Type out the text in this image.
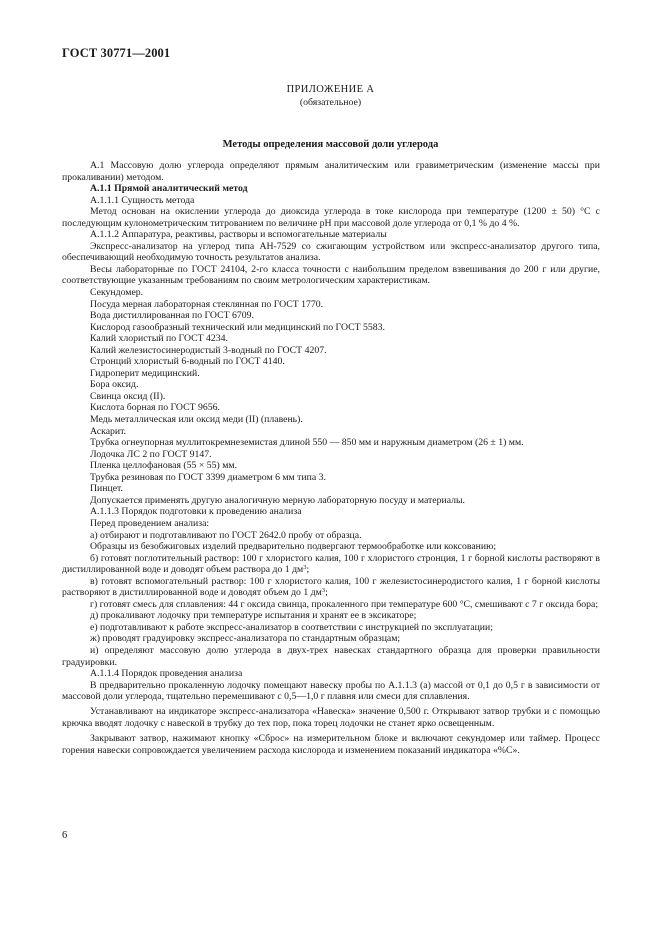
ГОСТ 30771—2001
ПРИЛОЖЕНИЕ А
(обязательное)
Методы определения массовой доли углерода

А.1 Массовую долю углерода определяют прямым аналитическим или гравиметрическим (изменение массы при прокаливании) методом.

А.1.1 Прямой аналитический метод

А.1.1.1 Сущность метода

Метод основан на окислении углерода до диоксида углерода в токе кислорода при температуре (1200 ± 50) °С с последующим кулонометрическим титрованием по величине pH при массовой доле углерода от 0,1 % до 4 %.

А.1.1.2 Аппаратура, реактивы, растворы и вспомогательные материалы

Экспресс-анализатор на углерод типа АН-7529 со сжигающим устройством или экспресс-анализатор другого типа, обеспечивающий необходимую точность результатов анализа.

Весы лабораторные по ГОСТ 24104, 2-го класса точности с наибольшим пределом взвешивания до 200 г или другие, соответствующие указанным требованиям по своим метрологическим характеристикам.

Секундомер.

Посуда мерная лабораторная стеклянная по ГОСТ 1770.

Вода дистиллированная по ГОСТ 6709.

Кислород газообразный технический или медицинский по ГОСТ 5583.

Калий хлористый по ГОСТ 4234.

Калий железистосинеродистый 3-водный по ГОСТ 4207.

Стронций хлористый 6-водный по ГОСТ 4140.

Гидроперит медицинский.

Бора оксид.

Свинца оксид (II).

Кислота борная по ГОСТ 9656.

Медь металлическая или оксид меди (II) (плавень).

Аскарит.

Трубка огнеупорная муллитокремнеземистая длиной 550 — 850 мм и наружным диаметром (26 ± 1) мм.

Лодочка ЛС 2 по ГОСТ 9147.

Пленка целлофановая (55 × 55) мм.

Трубка резиновая по ГОСТ 3399 диаметром 6 мм типа 3.

Пинцет.

Допускается применять другую аналогичную мерную лабораторную посуду и материалы.

А.1.1.3 Порядок подготовки к проведению анализа

Перед проведением анализа:

а) отбирают и подготавливают по ГОСТ 2642.0 пробу от образца.

Образцы из безобжиговых изделий предварительно подвергают термообработке или коксованию;

б) готовят поглотительный раствор: 100 г хлористого калия, 100 г хлористого стронция, 1 г борной кислоты растворяют в дистиллированной воде и доводят объем раствора до 1 $дм^3$;

в) готовят вспомогательный раствор: 100 г хлористого калия, 100 г железистосинеродистого калия, 1 г борной кислоты растворяют в дистиллированной воде и доводят объем до 1 $дм^3$;

г) готовят смесь для сплавления: 44 г оксида свинца, прокаленного при температуре 600 °С, смешивают с 7 г оксида бора;

д) прокаливают лодочку при температуре испытания и хранят ее в эксикаторе;

е) подготавливают к работе экспресс-анализатор в соответствии с инструкцией по эксплуатации;

ж) проводят градуировку экспресс-анализатора по стандартным образцам;

и) определяют массовую долю углерода в двух-трех навесках стандартного образца для проверки правильности градуировки.

А.1.1.4 Порядок проведения анализа

В предварительно прокаленную лодочку помещают навеску пробы по А.1.1.3 (а) массой от 0,1 до 0,5 г в зависимости от массовой доли углерода, тщательно перемешивают с 0,5—1,0 г плавня или смеси для сплавления.

Устанавливают на индикаторе экспресс-анализатора «Навеска» значение 0,500 г. Открывают затвор трубки и с помощью крючка вводят лодочку с навеской в трубку до тех пор, пока торец лодочки не станет ярко освещенным.

Закрывают затвор, нажимают кнопку «Сброс» на измерительном блоке и включают секундомер или таймер. Процесс горения навески сопровождается увеличением расхода кислорода и изменением показаний индикатора «%С».

6
